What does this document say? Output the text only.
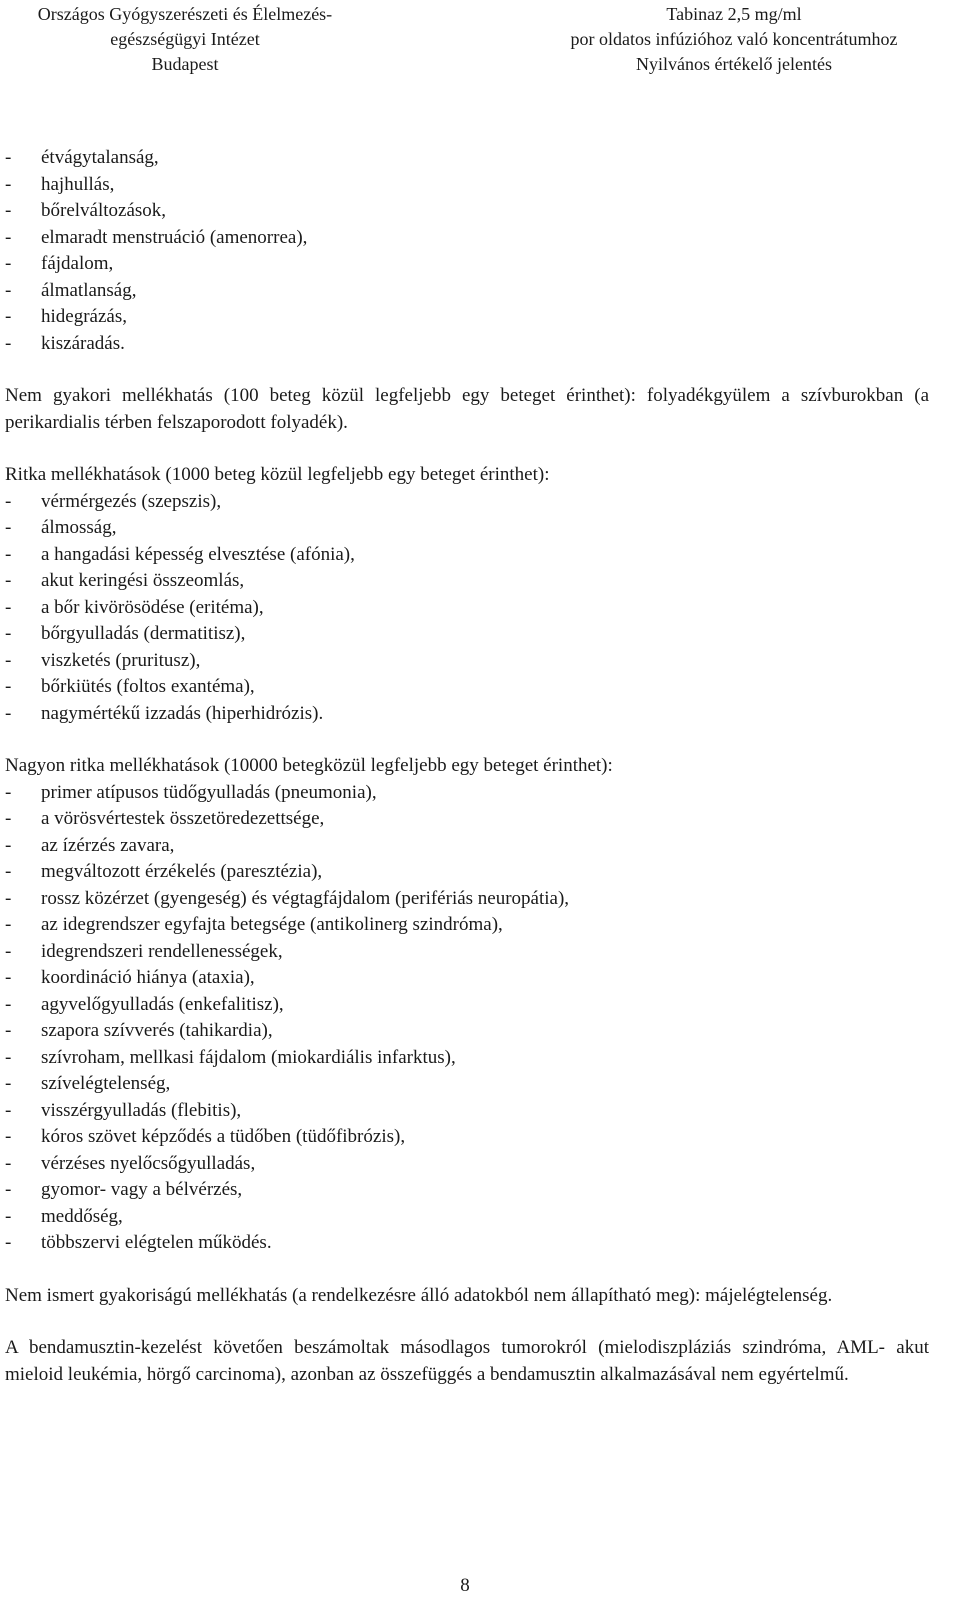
Országos Gyógyszerészeti és Élelmezés-
egészségügyi Intézet
Budapest
Tabinaz 2,5 mg/ml
por oldatos infúzióhoz való koncentrátumhoz
Nyilvános értékelő jelentés
- étvágytalanság,
- hajhullás,
- bőrelváltozások,
- elmaradt menstruáció (amenorrea),
- fájdalom,
- álmatlanság,
- hidegrázás,
- kiszáradás.
Nem gyakori mellékhatás (100 beteg közül legfeljebb egy beteget érinthet): folyadékgyülem a szívburokban (a perikardialis térben felszaporodott folyadék).
Ritka mellékhatások (1000 beteg közül legfeljebb egy beteget érinthet):
- vérmérgezés (szepszis),
- álmosság,
- a hangadási képesség elvesztése (afónia),
- akut keringési összeomlás,
- a bőr kivörösödése (eritéma),
- bőrgyulladás (dermatitisz),
- viszketés (pruritusz),
- bőrkiütés (foltos exantéma),
- nagymértékű izzadás (hiperhidrózis).
Nagyon ritka mellékhatások (10000 betegközül legfeljebb egy beteget érinthet):
- primer atípusos tüdőgyulladás (pneumonia),
- a vörösvértestek összetöredezettsége,
- az ízérzés zavara,
- megváltozott érzékelés (paresztézia),
- rossz közérzet (gyengeség) és végtagfájdalom (perifériás neuropátia),
- az idegrendszer egyfajta betegsége (antikolinerg szindróma),
- idegrendszeri rendellenességek,
- koordináció hiánya (ataxia),
- agyvelőgyulladás (enkefalitisz),
- szapora szívverés (tahikardia),
- szívroham, mellkasi fájdalom (miokardiális infarktus),
- szívelégtelenség,
- visszérgyulladás (flebitis),
- kóros szövet képződés a tüdőben (tüdőfibrózis),
- vérzéses nyelőcsőgyulladás,
- gyomor- vagy a bélvérzés,
- meddőség,
- többszervi elégtelen működés.
Nem ismert gyakoriságú mellékhatás (a rendelkezésre álló adatokból nem állapítható meg): májelégtelenség.
A bendamusztin-kezelést követően beszámoltak másodlagos tumorokról (mielodiszpláziás szindróma, AML- akut mieloid leukémia, hörgő carcinoma), azonban az összefüggés a bendamusztin alkalmazásával nem egyértelmű.
8
